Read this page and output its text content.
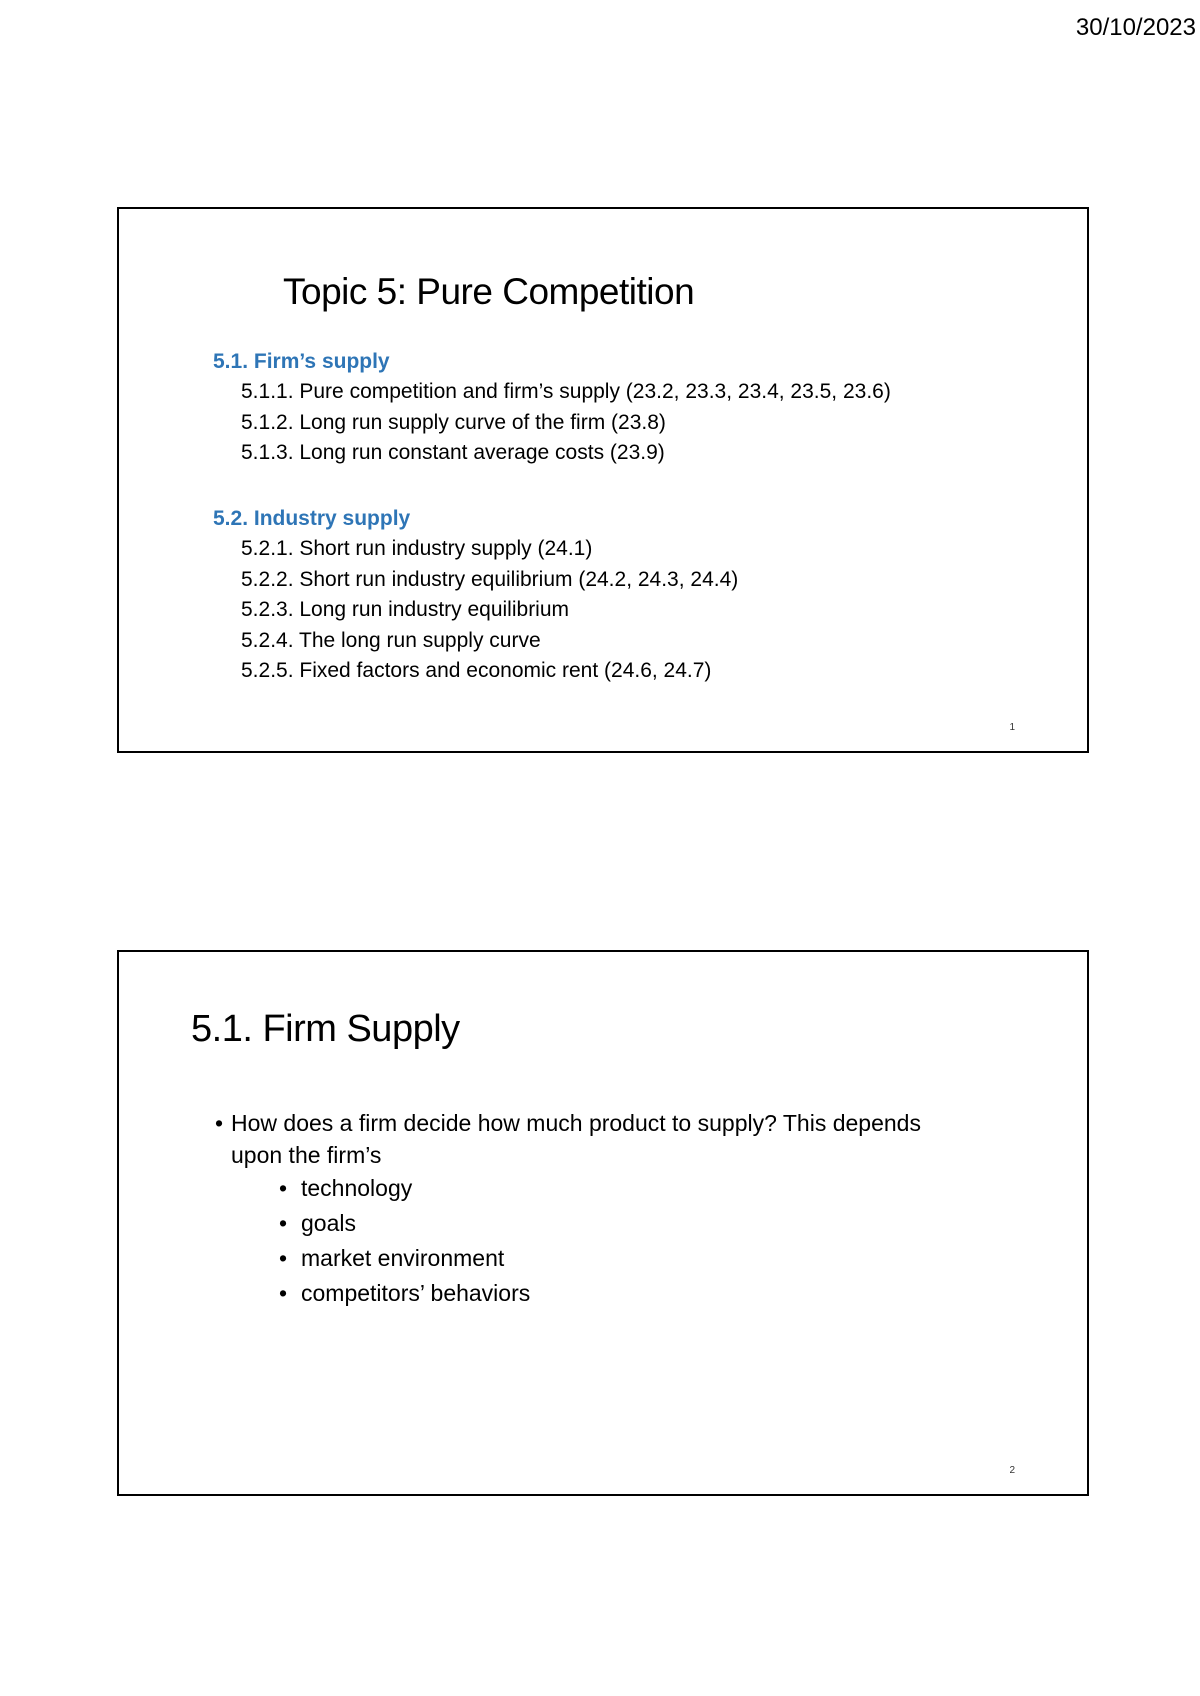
30/10/2023
Topic 5: Pure Competition
5.1. Firm’s supply
5.1.1. Pure competition and firm’s supply (23.2, 23.3, 23.4, 23.5, 23.6)
5.1.2. Long run supply curve of the firm (23.8)
5.1.3. Long run constant average costs (23.9)
5.2. Industry supply
5.2.1. Short run industry supply (24.1)
5.2.2. Short run industry equilibrium (24.2, 24.3, 24.4)
5.2.3. Long run industry equilibrium
5.2.4. The long run supply curve
5.2.5. Fixed factors and economic rent (24.6, 24.7)
1
5.1. Firm Supply
• How does a firm decide how much product to supply? This depends upon the firm’s
• technology
• goals
• market environment
• competitors’ behaviors
2
